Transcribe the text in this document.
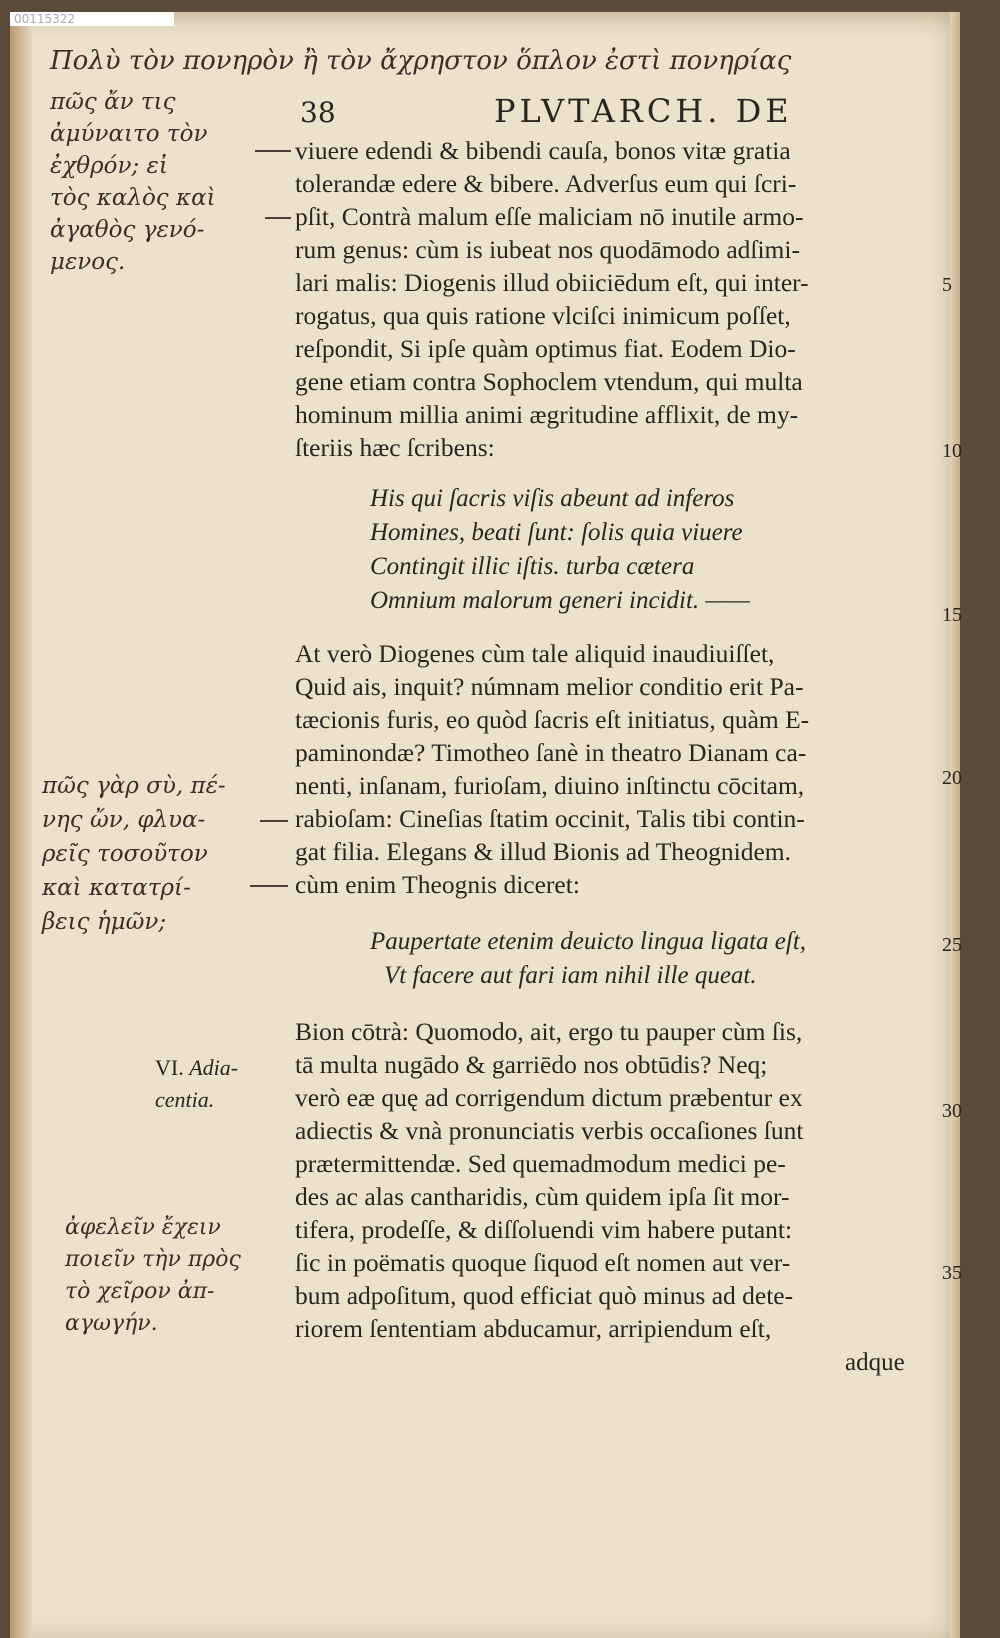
00115322
Πολὺ τὸν πονηρὸν ἢ τὸν ἄχρηστον ὅπλον ἐστὶ πονηρίας
πῶς ἄν τις
ἀμύναιτο τὸν
ἐχθρόν; εἰ
τὸς καλὸς καὶ
ἀγαθὸς γενό-
μενος.
πῶς γὰρ σὺ, πέ-
νης ὤν, φλυα-
ρεῖς τοσοῦτον
καὶ κατατρί-
βεις ἡμῶν;
ἀφελεῖν ἔχειν
ποιεῖν τὴν πρὸς
τὸ χεῖρον ἀπ-
αγωγήν.
38	PLVTARCH. DE
viuere edendi & bibendi cauſa, bonos vitæ gratia
tolerandæ edere & bibere. Adverſus eum qui ſcri-
pſit, Contrà malum eſſe maliciam nō inutile armo-
rum genus: cùm is iubeat nos quodāmodo adſimi-
lari malis: Diogenis illud obiiciēdum eſt, qui inter-
rogatus, qua quis ratione vlciſci inimicum poſſet,
reſpondit, Si ipſe quàm optimus fiat. Eodem Dio-
gene etiam contra Sophoclem vtendum, qui multa
hominum millia animi ægritudine afflixit, de my-
ſteriis hæc ſcribens:
His qui ſacris viſis abeunt ad inferos
Homines, beati ſunt: ſolis quia viuere
Contingit illic iſtis. turba cætera
Omnium malorum generi incidit. ——
At verò Diogenes cùm tale aliquid inaudiuiſſet,
Quid ais, inquit? númnam melior conditio erit Pa-
tæcionis furis, eo quòd ſacris eſt initiatus, quàm E-
paminondæ? Timotheo ſanè in theatro Dianam ca-
nenti, inſanam, furioſam, diuino inſtinctu cōcitam,
rabioſam: Cineſias ſtatim occinit, Talis tibi contin-
gat filia. Elegans & illud Bionis ad Theognidem.
cùm enim Theognis diceret:
Paupertate etenim deuicto lingua ligata eſt,
Vt facere aut fari iam nihil ille queat.
Bion cōtrà: Quomodo, ait, ergo tu pauper cùm ſis,
tā multa nugādo & garriēdo nos obtūdis? Neq;
verò eæ quę ad corrigendum dictum præbentur ex
adiectis & vnà pronunciatis verbis occaſiones ſunt
prætermittendæ. Sed quemadmodum medici pe-
des ac alas cantharidis, cùm quidem ipſa ſit mor-
tifera, prodeſſe, & diſſoluendi vim habere putant:
ſic in poëmatis quoque ſiquod eſt nomen aut ver-
bum adpoſitum, quod efficiat quò minus ad dete-
riorem ſententiam abducamur, arripiendum eſt,
adque
VI. Adia-
centia.
5
10
15
20
25
30
35
